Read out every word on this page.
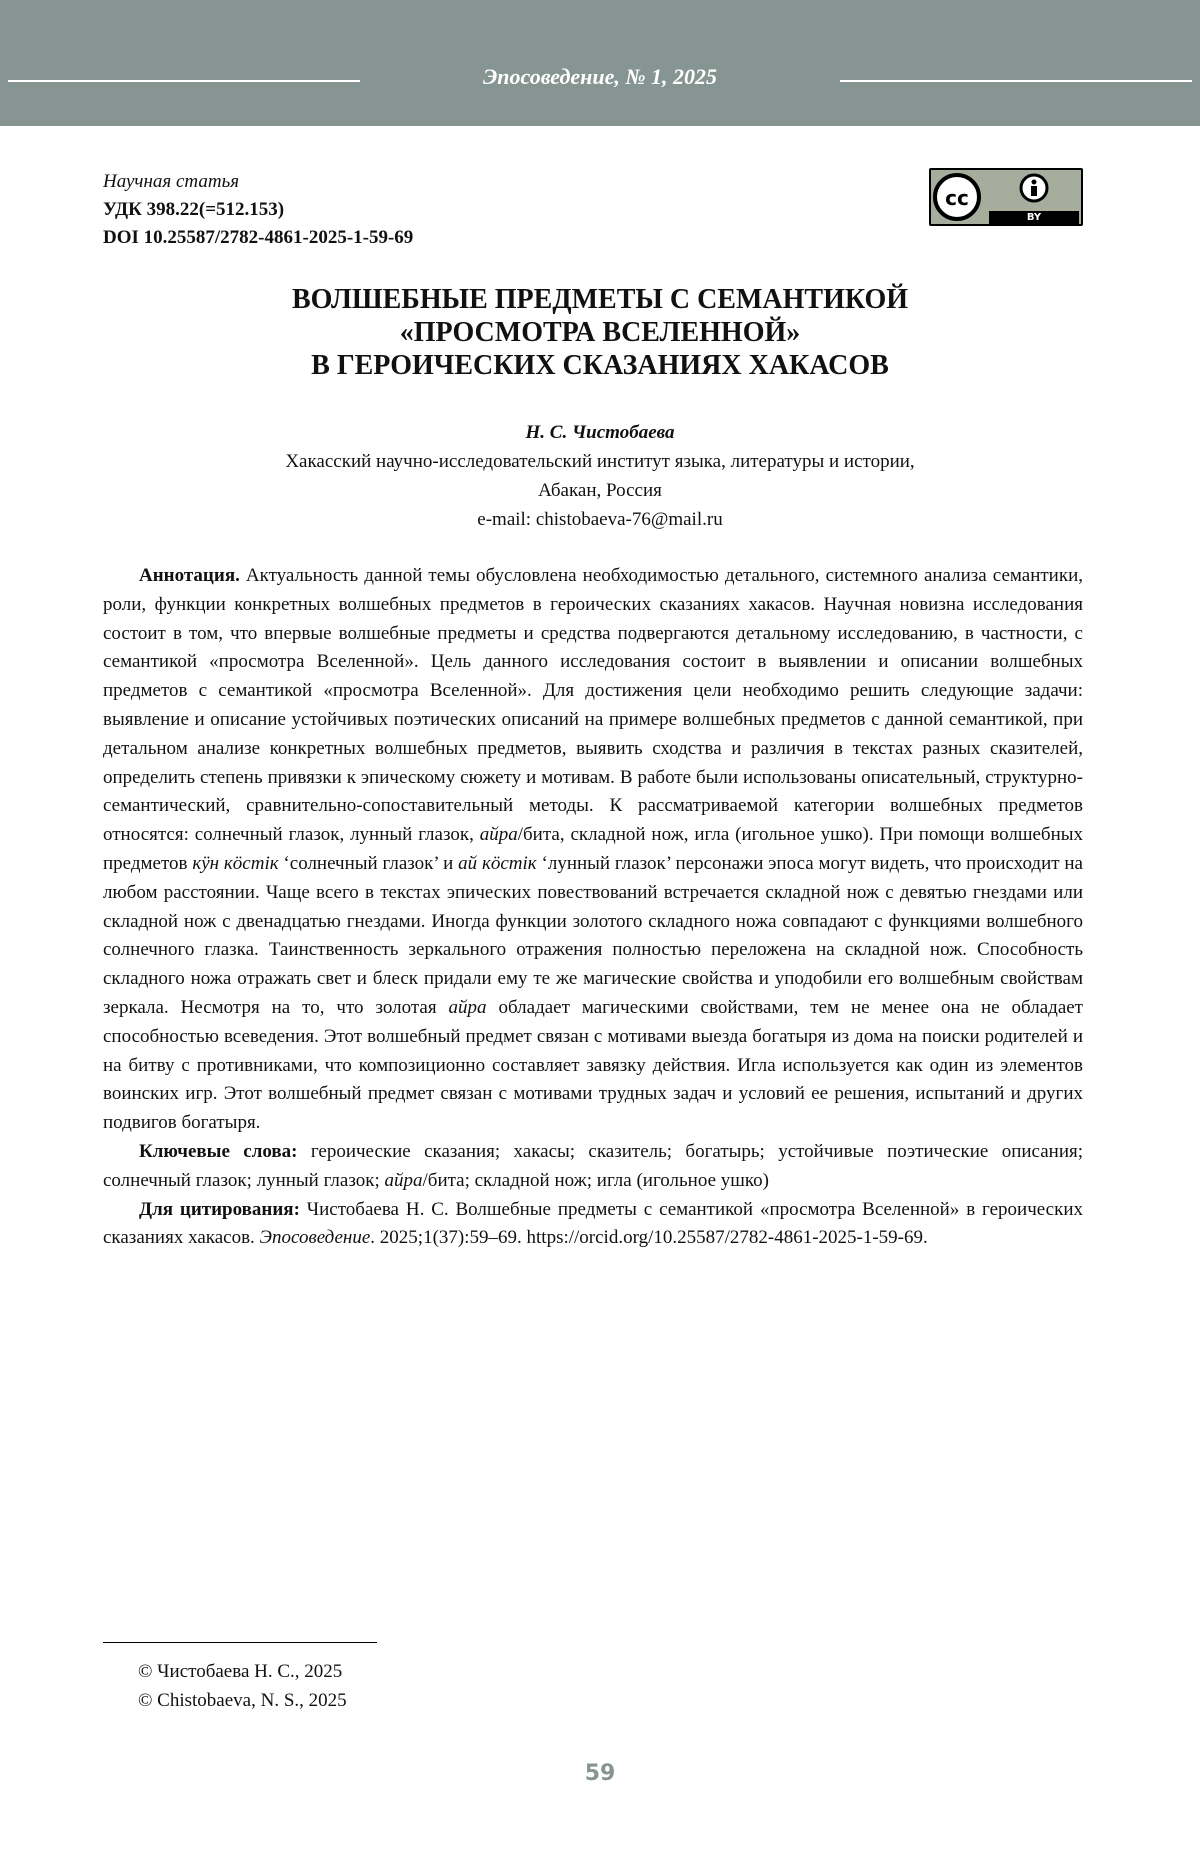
Эпосоведение, № 1, 2025
Научная статья
УДК 398.22(=512.153)
DOI 10.25587/2782-4861-2025-1-59-69
cc
BY
ВОЛШЕБНЫЕ ПРЕДМЕТЫ С СЕМАНТИКОЙ
«ПРОСМОТРА ВСЕЛЕННОЙ»
В ГЕРОИЧЕСКИХ СКАЗАНИЯХ ХАКАСОВ
Н. С. Чистобаева
Хакасский научно-исследовательский институт языка, литературы и истории,
Абакан, Россия
e-mail: chistobaeva-76@mail.ru

Аннотация. Актуальность данной темы обусловлена необходимостью детального, системного анализа семантики, роли, функции конкретных волшебных предметов в героических сказаниях хакасов. Научная новизна исследования состоит в том, что впервые волшебные предметы и средства подвергаются детальному исследованию, в частности, с семантикой «просмотра Вселенной». Цель данного исследования состоит в выявлении и описании волшебных предметов с семантикой «просмотра Вселенной». Для достижения цели необходимо решить следующие задачи: выявление и описание устойчивых поэтических описаний на примере волшебных предметов с данной семантикой, при детальном анализе конкретных волшебных предметов, выявить сходства и различия в текстах разных сказителей, определить степень привязки к эпическому сюжету и мотивам. В работе были использованы описательный, структурно-семантический, сравнительно-сопоставительный методы. К рассматриваемой категории волшебных предметов относятся: солнечный глазок, лунный глазок, айра/бита, складной нож, игла (игольное ушко). При помощи волшебных предметов кӱн кӧстік ‘солнечный глазок’ и ай кӧстік ‘лунный глазок’ персонажи эпоса могут видеть, что происходит на любом расстоянии. Чаще всего в текстах эпических повествований встречается складной нож с девятью гнездами или складной нож с двенадцатью гнездами. Иногда функции золотого складного ножа совпадают с функциями волшебного солнечного глазка. Таинственность зеркального отражения полностью переложена на складной нож. Способность складного ножа отражать свет и блеск придали ему те же магические свойства и уподобили его волшебным свойствам зеркала. Несмотря на то, что золотая айра обладает магическими свойствами, тем не менее она не обладает способностью всеведения. Этот волшебный предмет связан с мотивами выезда богатыря из дома на поиски родителей и на битву с противниками, что композиционно составляет завязку действия. Игла используется как один из элементов воинских игр. Этот волшебный предмет связан с мотивами трудных задач и условий ее решения, испытаний и других подвигов богатыря.

Ключевые слова: героические сказания; хакасы; сказитель; богатырь; устойчивые поэтические описания; солнечный глазок; лунный глазок; айра/бита; складной нож; игла (игольное ушко)

Для цитирования: Чистобаева Н. С. Волшебные предметы с семантикой «просмотра Вселенной» в героических сказаниях хакасов. Эпосоведение. 2025;1(37):59–69. https://orcid.org/10.25587/2782-4861-2025-1-59-69.

© Чистобаева Н. С., 2025
© Chistobaeva, N. S., 2025
59
